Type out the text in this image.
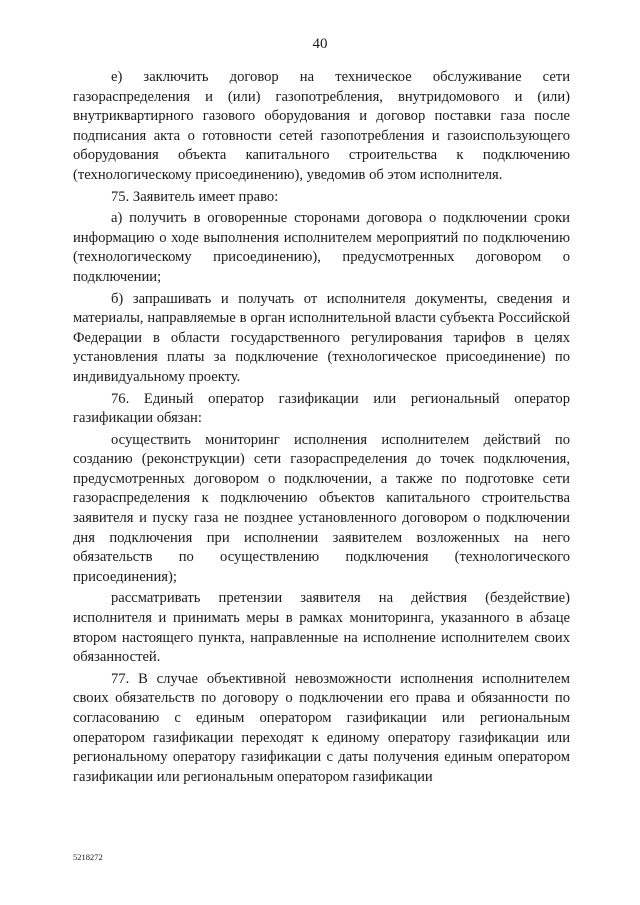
40

е) заключить договор на техническое обслуживание сети газораспределения и (или) газопотребления, внутридомового и (или) внутриквартирного газового оборудования и договор поставки газа после подписания акта о готовности сетей газопотребления и газоиспользующего оборудования объекта капитального строительства к подключению (технологическому присоединению), уведомив об этом исполнителя.

75. Заявитель имеет право:

а) получить в оговоренные сторонами договора о подключении сроки информацию о ходе выполнения исполнителем мероприятий по подключению (технологическому присоединению), предусмотренных договором о подключении;

б) запрашивать и получать от исполнителя документы, сведения и материалы, направляемые в орган исполнительной власти субъекта Российской Федерации в области государственного регулирования тарифов в целях установления платы за подключение (технологическое присоединение) по индивидуальному проекту.

76. Единый оператор газификации или региональный оператор газификации обязан:

осуществить мониторинг исполнения исполнителем действий по созданию (реконструкции) сети газораспределения до точек подключения, предусмотренных договором о подключении, а также по подготовке сети газораспределения к подключению объектов капитального строительства заявителя и пуску газа не позднее установленного договором о подключении дня подключения при исполнении заявителем возложенных на него обязательств по осуществлению подключения (технологического присоединения);

рассматривать претензии заявителя на действия (бездействие) исполнителя и принимать меры в рамках мониторинга, указанного в абзаце втором настоящего пункта, направленные на исполнение исполнителем своих обязанностей.

77. В случае объективной невозможности исполнения исполнителем своих обязательств по договору о подключении его права и обязанности по согласованию с единым оператором газификации или региональным оператором газификации переходят к единому оператору газификации или региональному оператору газификации с даты получения единым оператором газификации или региональным оператором газификации

5218272
